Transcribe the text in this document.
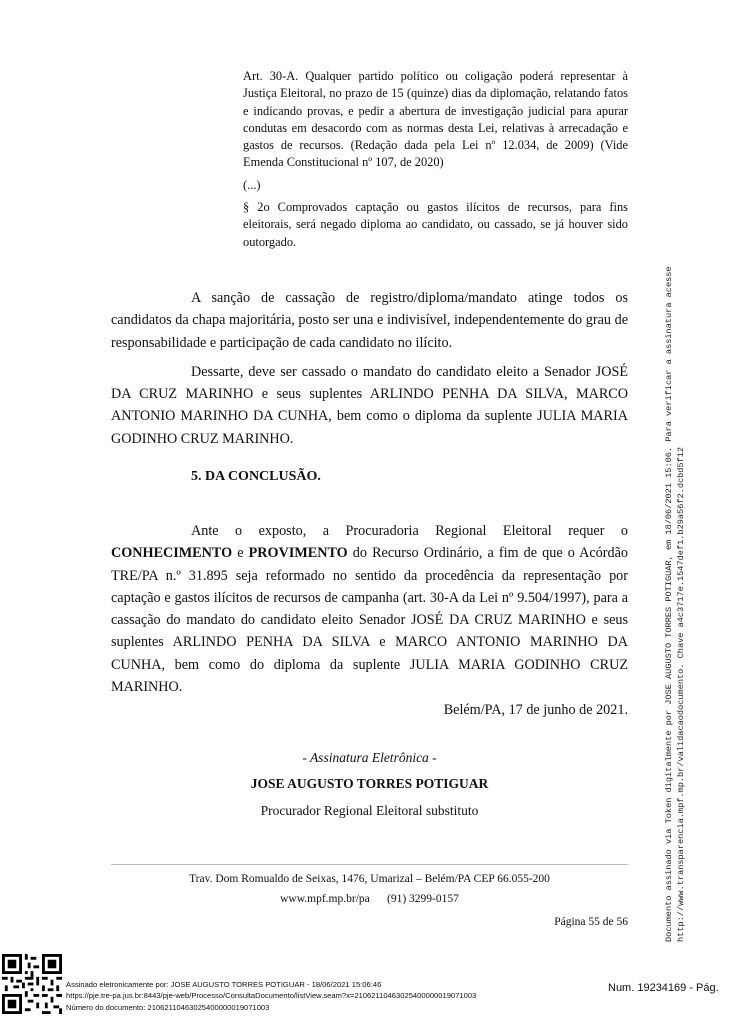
Art. 30-A. Qualquer partido político ou coligação poderá representar à Justiça Eleitoral, no prazo de 15 (quinze) dias da diplomação, relatando fatos e indicando provas, e pedir a abertura de investigação judicial para apurar condutas em desacordo com as normas desta Lei, relativas à arrecadação e gastos de recursos. (Redação dada pela Lei nº 12.034, de 2009) (Vide Emenda Constitucional nº 107, de 2020)

(...)

§ 2o Comprovados captação ou gastos ilícitos de recursos, para fins eleitorais, será negado diploma ao candidato, ou cassado, se já houver sido outorgado.

A sanção de cassação de registro/diploma/mandato atinge todos os candidatos da chapa majoritária, posto ser una e indivisível, independentemente do grau de responsabilidade e participação de cada candidato no ilícito.

Dessarte, deve ser cassado o mandato do candidato eleito a Senador JOSÉ DA CRUZ MARINHO e seus suplentes ARLINDO PENHA DA SILVA, MARCO ANTONIO MARINHO DA CUNHA, bem como o diploma da suplente JULIA MARIA GODINHO CRUZ MARINHO.

5. DA CONCLUSÃO.

Ante o exposto, a Procuradoria Regional Eleitoral requer o CONHECIMENTO e PROVIMENTO do Recurso Ordinário, a fim de que o Acórdão TRE/PA n.º 31.895 seja reformado no sentido da procedência da representação por captação e gastos ilícitos de recursos de campanha (art. 30-A da Lei nº 9.504/1997), para a cassação do mandato do candidato eleito Senador JOSÉ DA CRUZ MARINHO e seus suplentes ARLINDO PENHA DA SILVA e MARCO ANTONIO MARINHO DA CUNHA, bem como do diploma da suplente JULIA MARIA GODINHO CRUZ MARINHO.

Belém/PA, 17 de junho de 2021.
- Assinatura Eletrônica -
JOSE AUGUSTO TORRES POTIGUAR
Procurador Regional Eleitoral substituto
Trav. Dom Romualdo de Seixas, 1476, Umarizal – Belém/PA CEP 66.055-200
www.mpf.mp.br/pa      (91) 3299-0157
Página 55 de 56	Documento assinado via Token digitalmente por JOSE AUGUSTO TORRES POTIGUAR, em 18/06/2021 15:06. Para verificar a assinatura acesse http://www.transparencia.mpf.mp.br/validacaodocumento. Chave a4c3717e.1547def1.b29a56f2.dcbd5f12
Assinado eletronicamente por: JOSE AUGUSTO TORRES POTIGUAR - 18/06/2021 15:06:46
https://pje.tre-pa.jus.br:8443/pje-web/Processo/ConsultaDocumento/listView.seam?x=21062110463025400000019071003
Número do documento: 21062110463025400000019071003
Num. 19234169 - Pág.
